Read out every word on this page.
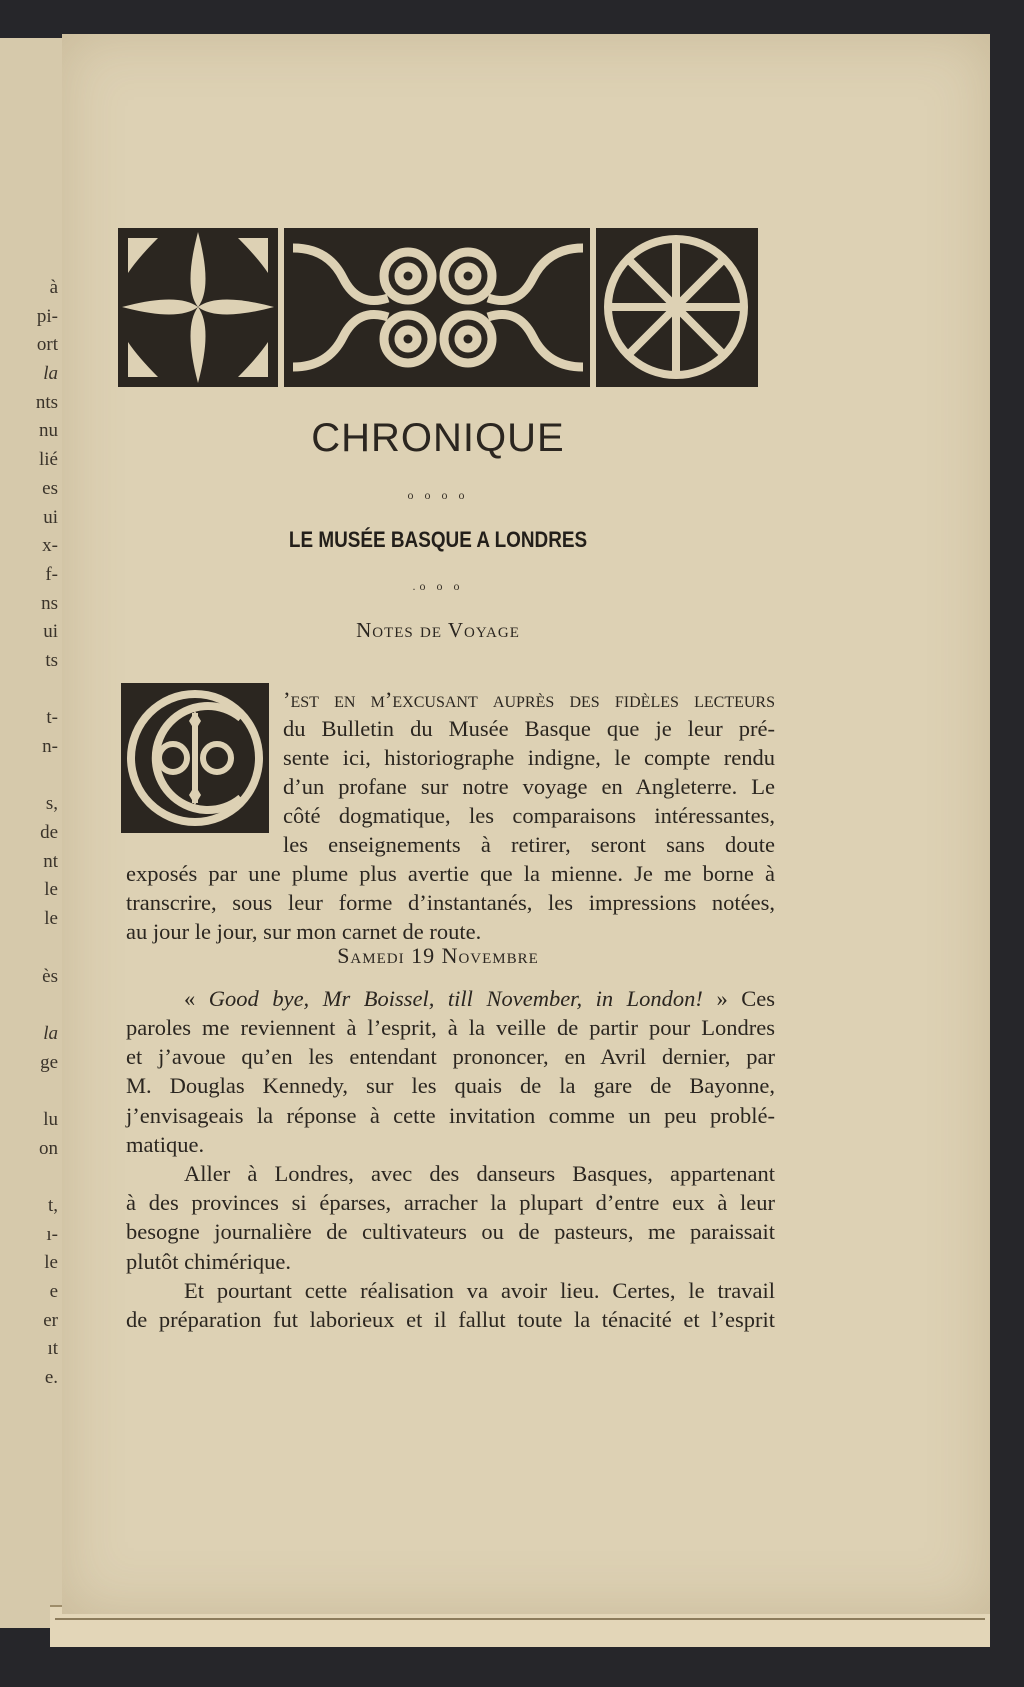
à
pi-
ort
la
nts
nu
lié
es
ui
x-
f-
ns
ui
ts
t-
n-
s,
de
nt
le
le
ès
la
ge
lu
on
t,
ı-
le
e
er
ıt
e.
CHRONIQUE
o o o o
LE MUSÉE BASQUE A LONDRES
.o o o
Notes de Voyage
’est en m’excusant auprès des fidèles lecteurs
du Bulletin du Musée Basque que je leur pré-
sente ici, historiographe indigne, le compte rendu
d’un profane sur notre voyage en Angleterre. Le
côté dogmatique, les comparaisons intéressantes,
les enseignements à retirer, seront sans doute
exposés par une plume plus avertie que la mienne. Je me borne à
transcrire, sous leur forme d’instantanés, les impressions notées,
au jour le jour, sur mon carnet de route.
Samedi 19 Novembre
« Good bye, Mr Boissel, till November, in London! » Ces
paroles me reviennent à l’esprit, à la veille de partir pour Londres
et j’avoue qu’en les entendant prononcer, en Avril dernier, par
M. Douglas Kennedy, sur les quais de la gare de Bayonne,
j’envisageais la réponse à cette invitation comme un peu problé-
matique.
Aller à Londres, avec des danseurs Basques, appartenant
à des provinces si éparses, arracher la plupart d’entre eux à leur
besogne journalière de cultivateurs ou de pasteurs, me paraissait
plutôt chimérique.
Et pourtant cette réalisation va avoir lieu. Certes, le travail
de préparation fut laborieux et il fallut toute la ténacité et l’esprit
